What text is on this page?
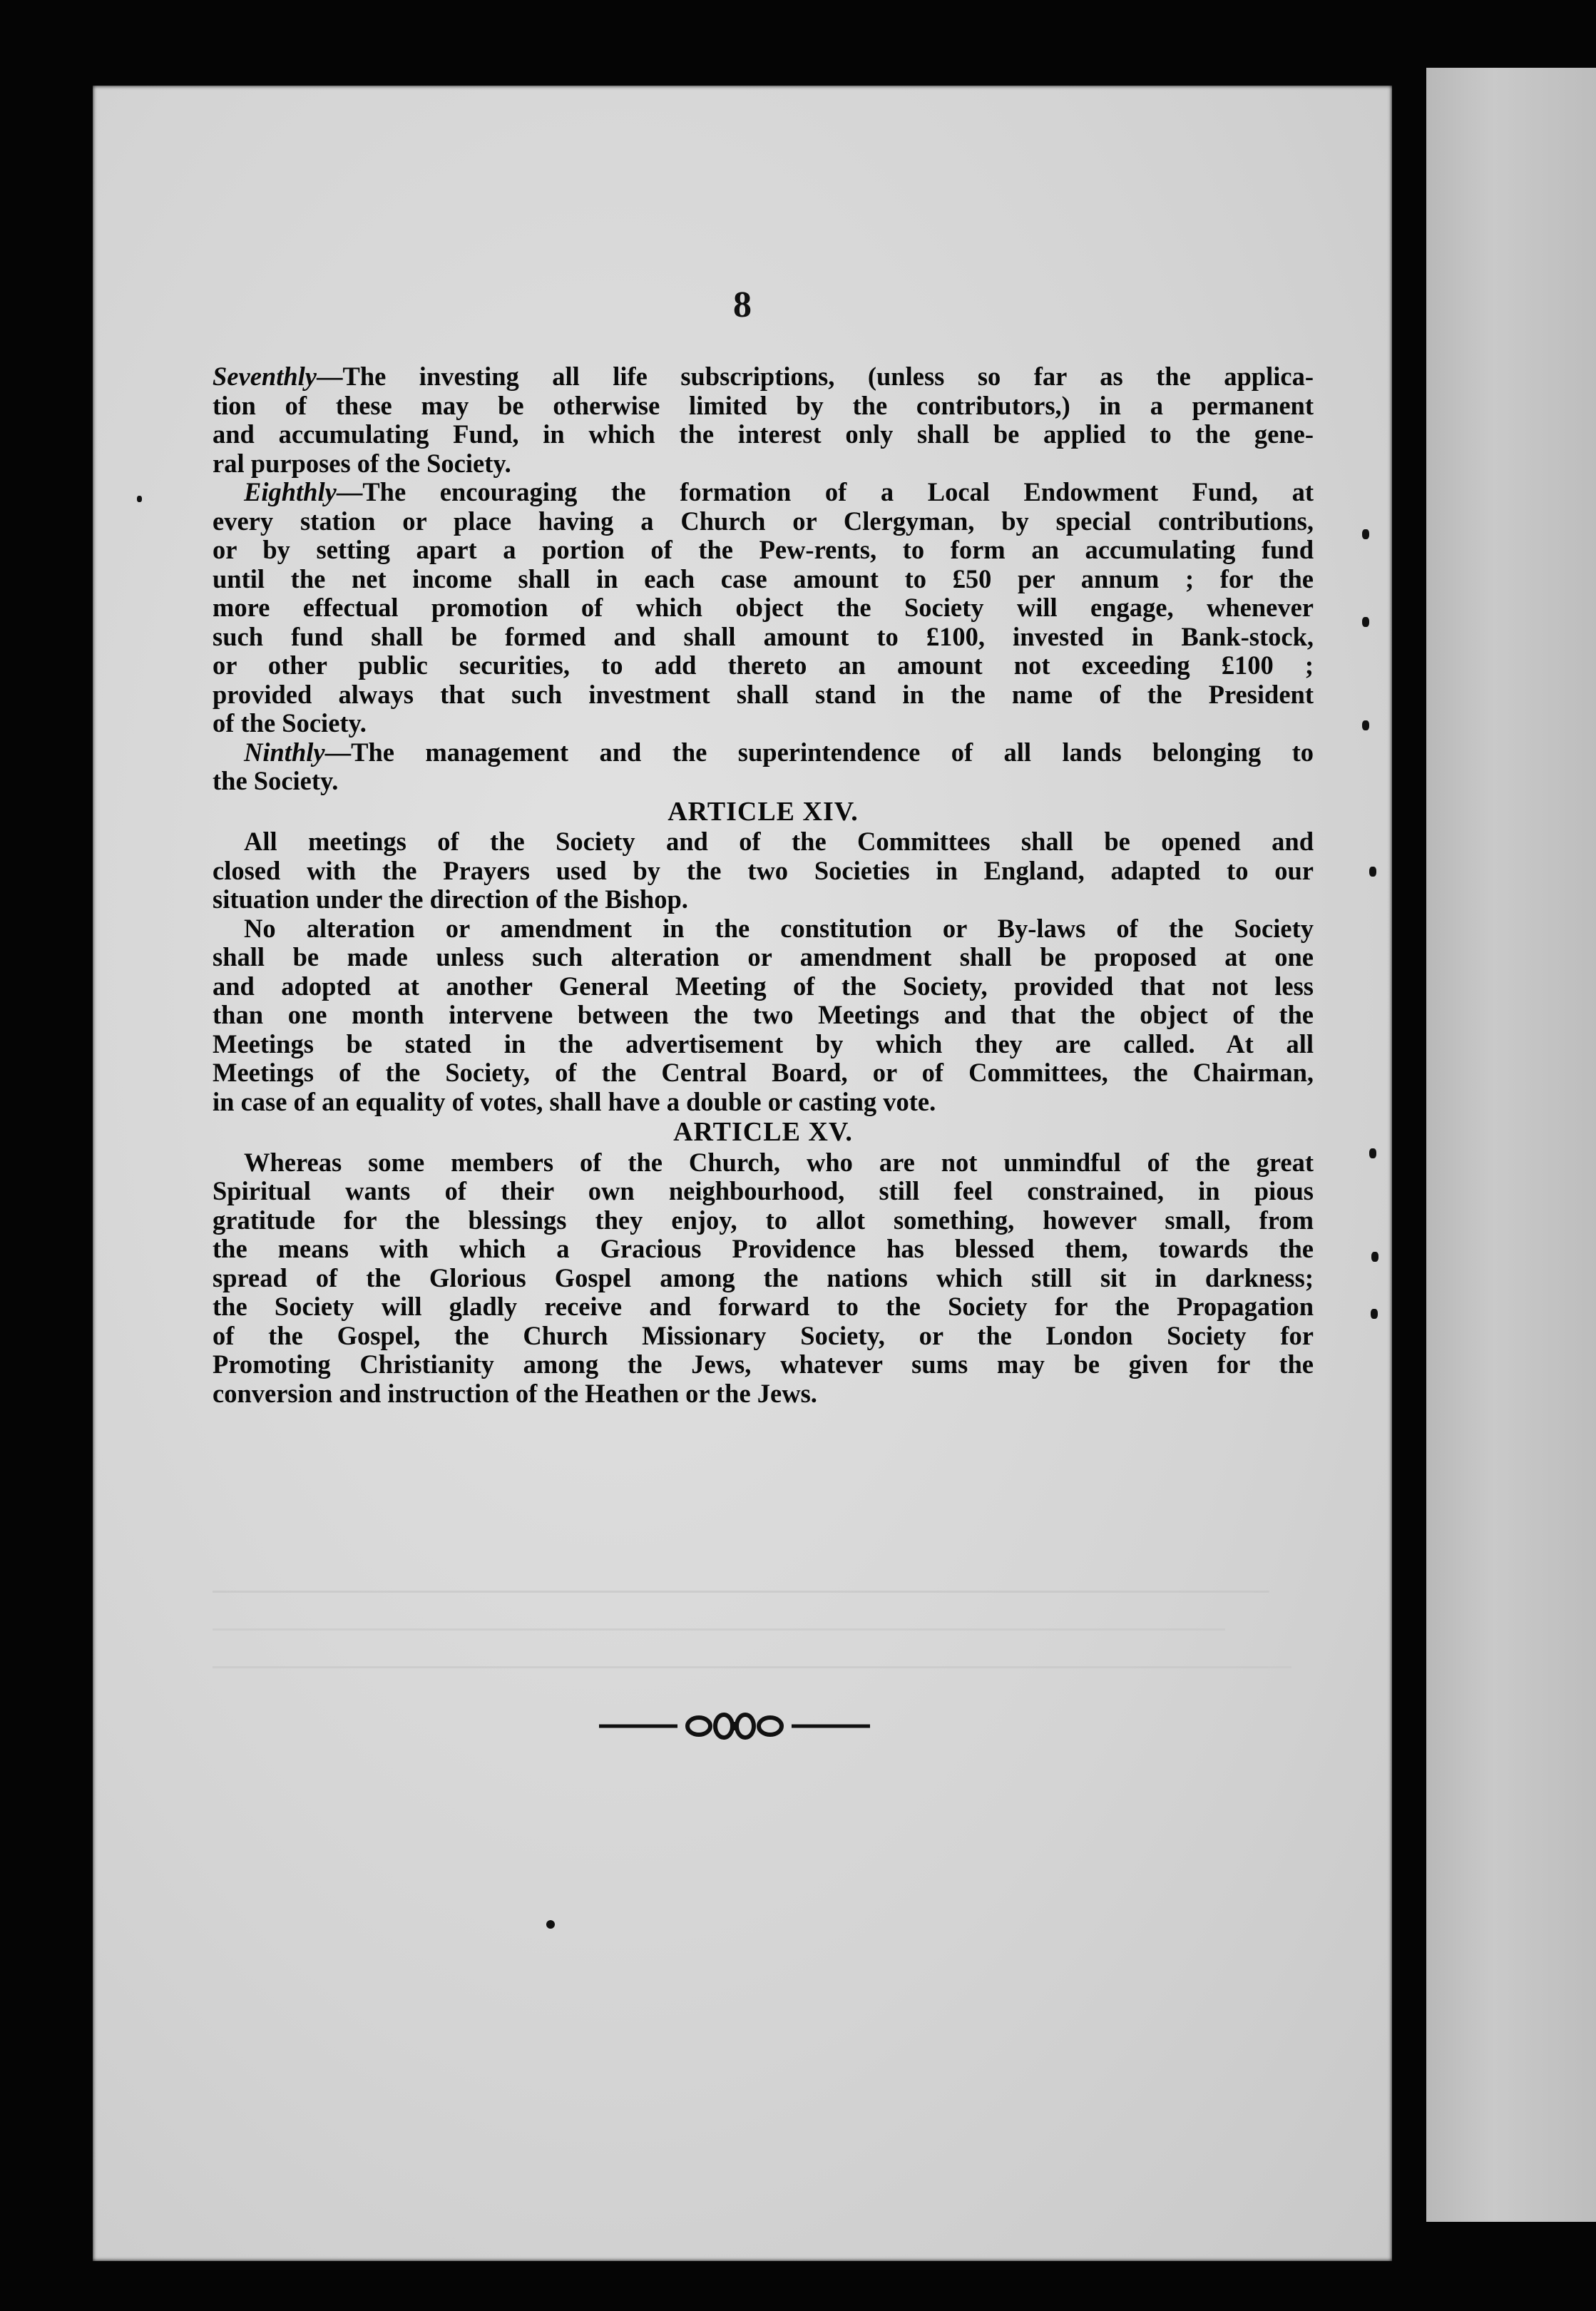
8
Seventhly—The investing all life subscriptions, (unless so far as the applica-
tion of these may be otherwise limited by the contributors,) in a permanent
and accumulating Fund, in which the interest only shall be applied to the gene-
ral purposes of the Society.
Eighthly—The encouraging the formation of a Local Endowment Fund, at
every station or place having a Church or Clergyman, by special contributions,
or by setting apart a portion of the Pew-rents, to form an accumulating fund
until the net income shall in each case amount to £50 per annum ; for the
more effectual promotion of which object the Society will engage, whenever
such fund shall be formed and shall amount to £100, invested in Bank-stock,
or other public securities, to add thereto an amount not exceeding £100 ;
provided always that such investment shall stand in the name of the President
of the Society.
Ninthly—The management and the superintendence of all lands belonging to
the Society.
ARTICLE XIV.
All meetings of the Society and of the Committees shall be opened and
closed with the Prayers used by the two Societies in England, adapted to our
situation under the direction of the Bishop.
No alteration or amendment in the constitution or By-laws of the Society
shall be made unless such alteration or amendment shall be proposed at one
and adopted at another General Meeting of the Society, provided that not less
than one month intervene between the two Meetings and that the object of the
Meetings be stated in the advertisement by which they are called. At all
Meetings of the Society, of the Central Board, or of Committees, the Chairman,
in case of an equality of votes, shall have a double or casting vote.
ARTICLE XV.
Whereas some members of the Church, who are not unmindful of the great
Spiritual wants of their own neighbourhood, still feel constrained, in pious
gratitude for the blessings they enjoy, to allot something, however small, from
the means with which a Gracious Providence has blessed them, towards the
spread of the Glorious Gospel among the nations which still sit in darkness;
the Society will gladly receive and forward to the Society for the Propagation
of the Gospel, the Church Missionary Society, or the London Society for
Promoting Christianity among the Jews, whatever sums may be given for the
conversion and instruction of the Heathen or the Jews.
